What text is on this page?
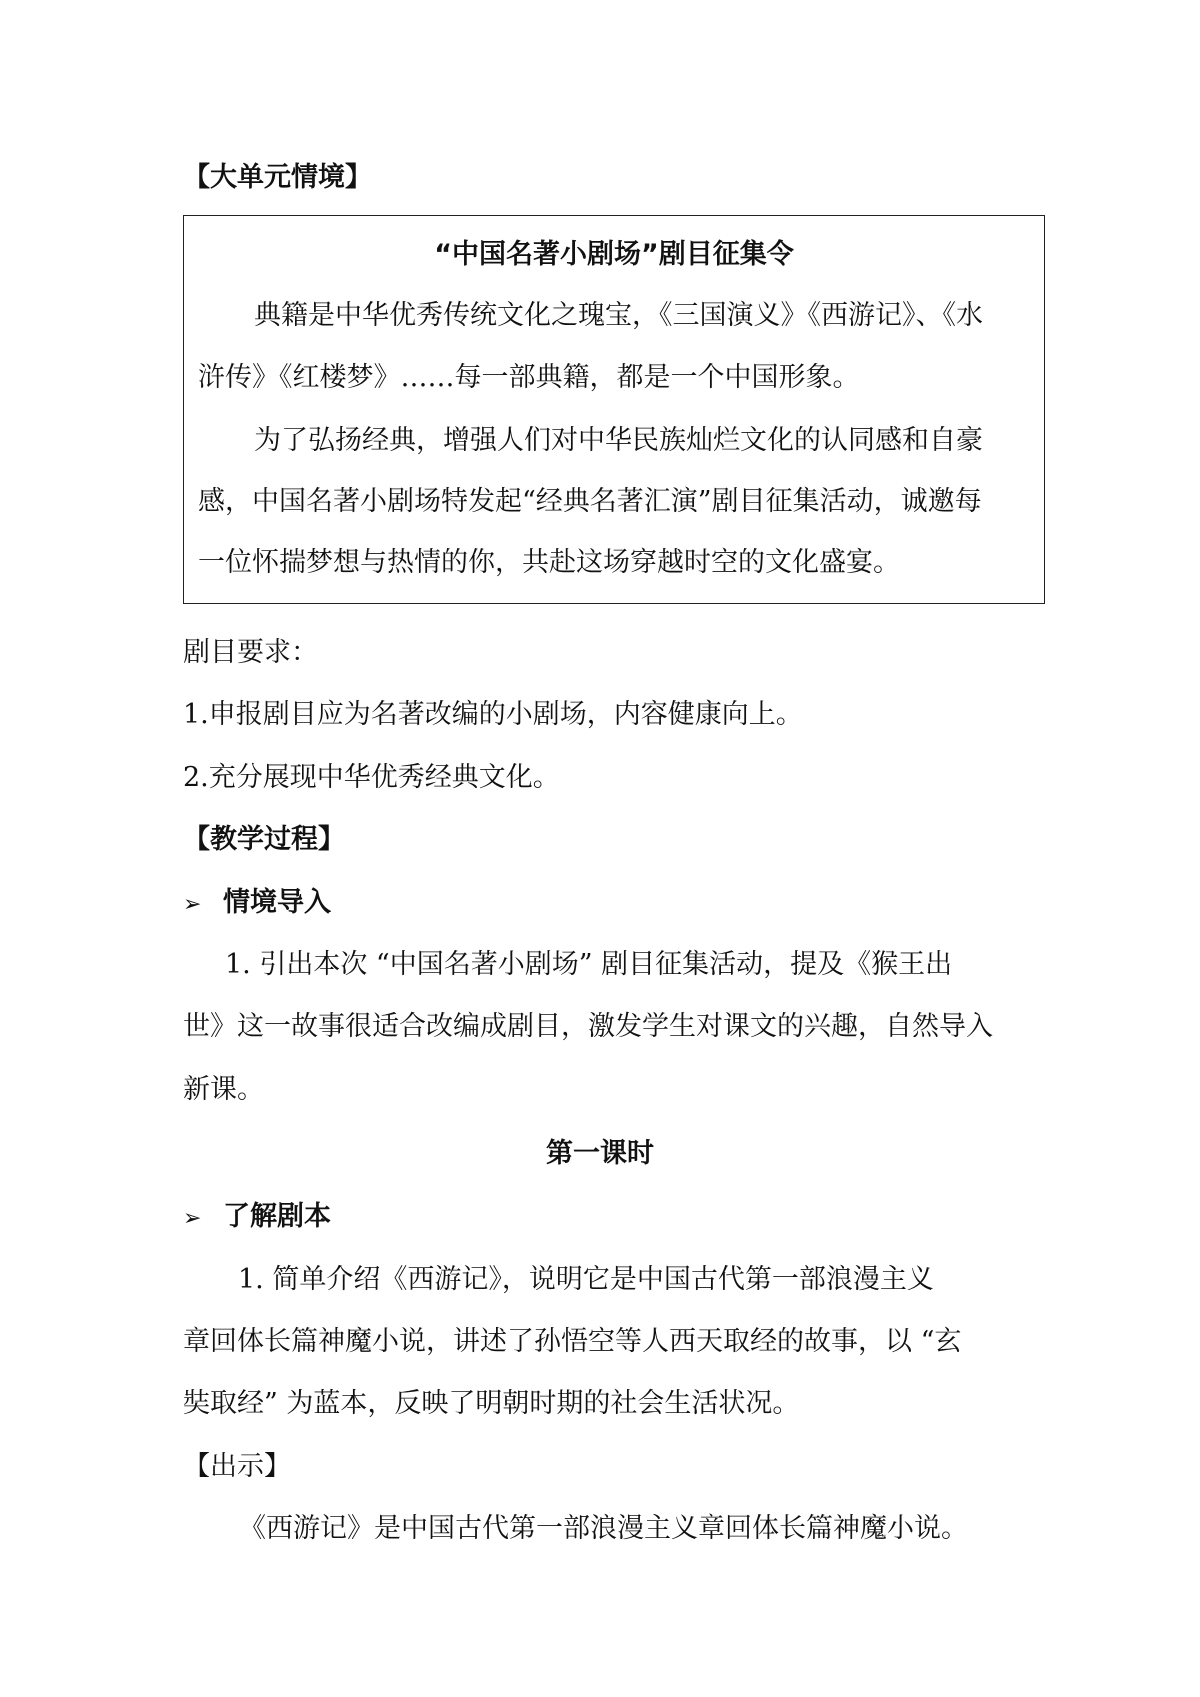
【大单元情境】
“中国名著小剧场”剧目征集令
典籍是中华优秀传统文化之瑰宝，《三国演义》《西游记》、《水
浒传》《红楼梦》……每一部典籍，都是一个中国形象。
为了弘扬经典，增强人们对中华民族灿烂文化的认同感和自豪
感，中国名著小剧场特发起“经典名著汇演”剧目征集活动，诚邀每
一位怀揣梦想与热情的你，共赴这场穿越时空的文化盛宴。
剧目要求：
1.申报剧目应为名著改编的小剧场，内容健康向上。
2.充分展现中华优秀经典文化。
【教学过程】
➢ 情境导入
1. 引出本次 “中国名著小剧场” 剧目征集活动，提及《猴王出
世》这一故事很适合改编成剧目，激发学生对课文的兴趣，自然导入
新课。
第一课时
➢ 了解剧本
1. 简单介绍《西游记》，说明它是中国古代第一部浪漫主义
章回体长篇神魔小说，讲述了孙悟空等人西天取经的故事，以 “玄
奘取经” 为蓝本，反映了明朝时期的社会生活状况。
【出示】
《西游记》是中国古代第一部浪漫主义章回体长篇神魔小说。
